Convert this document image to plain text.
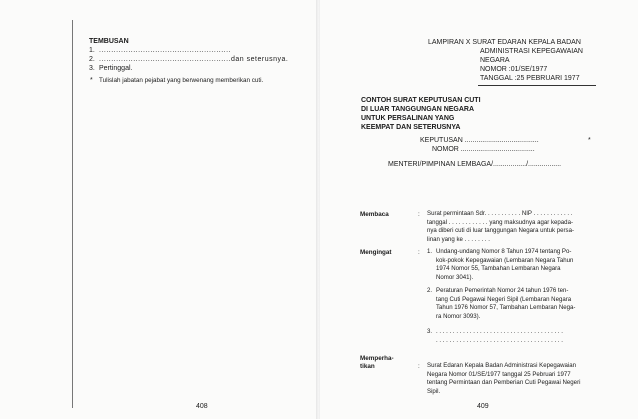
TEMBUSAN
1. ......................................................
2. ......................................................dan seterusnya.
3. Pertinggal.
* Tulislah jabatan pejabat yang berwenang memberikan cuti.
408
LAMPIRAN X SURAT EDARAN KEPALA BADAN
ADMINISTRASI KEPEGAWAIAN
NEGARA
NOMOR :01/SE/1977
TANGGAL :25 PEBRUARI 1977
CONTOH SURAT KEPUTUSAN CUTI
DI LUAR TANGGUNGAN NEGARA
UNTUK PERSALINAN YANG
KEEMPAT DAN SETERUSNYA
KEPUTUSAN ......................................	*
NOMOR ......................................
MENTERI/PIMPINAN LEMBAGA/................./.................
Membaca	: Surat permintaan Sdr. . . . . . . . . . . NIP . . . . . . . . . . . .
tanggal . . . . . . . . . . . . yang maksudnya agar kepada-
nya diberi cuti di luar tanggungan Negara untuk persa-
linan yang ke . . . . . . . .
Mengingat	: 1. Undang-undang Nomor 8 Tahun 1974 tentang Po-
kok-pokok Kepegawaian (Lembaran Negara Tahun
1974 Nomor 55, Tambahan Lembaran Negara
Nomor 3041).
2. Peraturan Pemerintah Nomor 24 tahun 1976 ten-
tang Cuti Pegawai Negeri Sipil (Lembaran Negara
Tahun 1976 Nomor 57, Tambahan Lembaran Nega-
ra Nomor 3093).
3. . . . . . . . . . . . . . . . . . . . . . . . . . . . . . . . . . . . . . .
. . . . . . . . . . . . . . . . . . . . . . . . . . . . . . . . . . . . . .
Memperha-
tikan	: Surat Edaran Kepala Badan Administrasi Kepegawaian
Negara Nomor 01/SE/1977 tanggal 25 Pebruari 1977
tentang Permintaan dan Pemberian Cuti Pegawai Negeri
Sipil.
409
